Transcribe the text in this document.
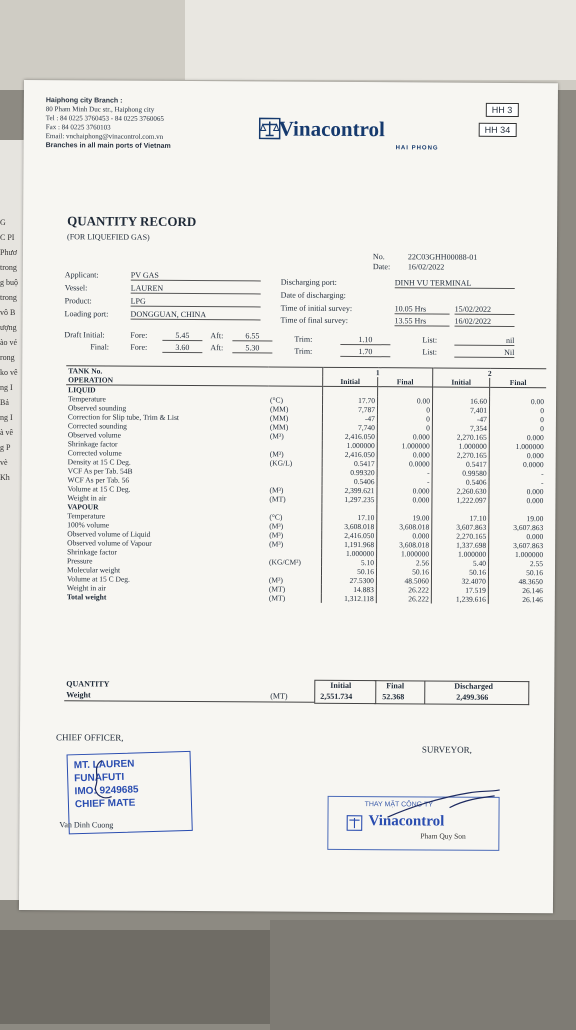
G
C PI
Phươ
trong
g buộ
trong
vô B
ượng
ào vé
rong
ko vê
ng I
Bả
ng I
à vê
g P
vè
Kh
Haiphong city Branch :
80 Pham Minh Duc str., Haiphong city
Tel : 84 0225 3760453 - 84 0225 3760065
Fax : 84 0225 3760103
Email: vnchaiphong@vinacontrol.com.vn
Branches in all main ports of Vietnam
Vinacontrol
HAI PHONG
HH 3
HH 34
QUANTITY RECORD
(FOR LIQUEFIED GAS)
No.	22C03GHH00088-01
Date: 16/02/2022
Applicant:	PV GAS
Vessel:	LAUREN
Product:	LPG
Loading port:	DONGGUAN, CHINA
Discharging port:	DINH VU TERMINAL
Date of discharging:
Time of initial survey:	10.05 Hrs	15/02/2022
Time of final survey:	13.55 Hrs	16/02/2022
Draft Initial:	Fore:	5.45	Aft:	6.55
Final:	Fore:	3.60	Aft:	5.30
Trim:	1.10
Trim:	1.70
List:	nil
List:	Nil
TANK No.		1		2	
OPERATION		Initial	Final	Initial	Final
LIQUID					
Temperature	(°C)	17.70	0.00	16.60	0.00
Observed sounding	(MM)	7,787	0	7,401	0
Correction for Slip tube, Trim & List	(MM)	-47	0	-47	0
Corrected sounding	(MM)	7,740	0	7,354	0
Observed volume	(M³)	2,416.050	0.000	2,270.165	0.000
Shrinkage factor		1.000000	1.000000	1.000000	1.000000
Corrected volume	(M³)	2,416.050	0.000	2,270.165	0.000
Density at 15 C Deg.	(KG/L)	0.5417	0.0000	0.5417	0.0000
VCF As per Tab. 54B		0.99320	-	0.99580	-
WCF As per Tab. 56		0.5406	-	0.5406	-
Volume at 15 C Deg.	(M³)	2,399.621	0.000	2,260.630	0.000
Weight in air	(MT)	1,297.235	0.000	1,222.097	0.000
VAPOUR					
Temperature	(°C)	17.10	19.00	17.10	19.00
100% volume	(M³)	3,608.018	3,608.018	3,607.863	3,607.863
Observed volume of Liquid	(M³)	2,416.050	0.000	2,270.165	0.000
Observed volume of Vapour	(M³)	1,191.968	3,608.018	1,337.698	3,607.863
Shrinkage factor		1.000000	1.000000	1.000000	1.000000
Pressure	(KG/CM²)	5.10	2.56	5.40	2.55
Molecular weight		50.16	50.16	50.16	50.16
Volume at 15 C Deg.	(M³)	27.5300	48.5060	32.4070	48.3650
Weight in air	(MT)	14.883	26.222	17.519	26.146
Total weight	(MT)	1,312.118	26.222	1,239.616	26.146
QUANTITY
Weight	(MT)
Initial	Final	Discharged
2,551.734	52.368	2,499.366
CHIEF OFFICER,
SURVEYOR,
MT. LAUREN
FUNAFUTI
IMO: 9249685
CHIEF MATE
Van Dinh Cuong
THAY MẶT CÔNG TY
Vinacontrol
Pham Quy Son
